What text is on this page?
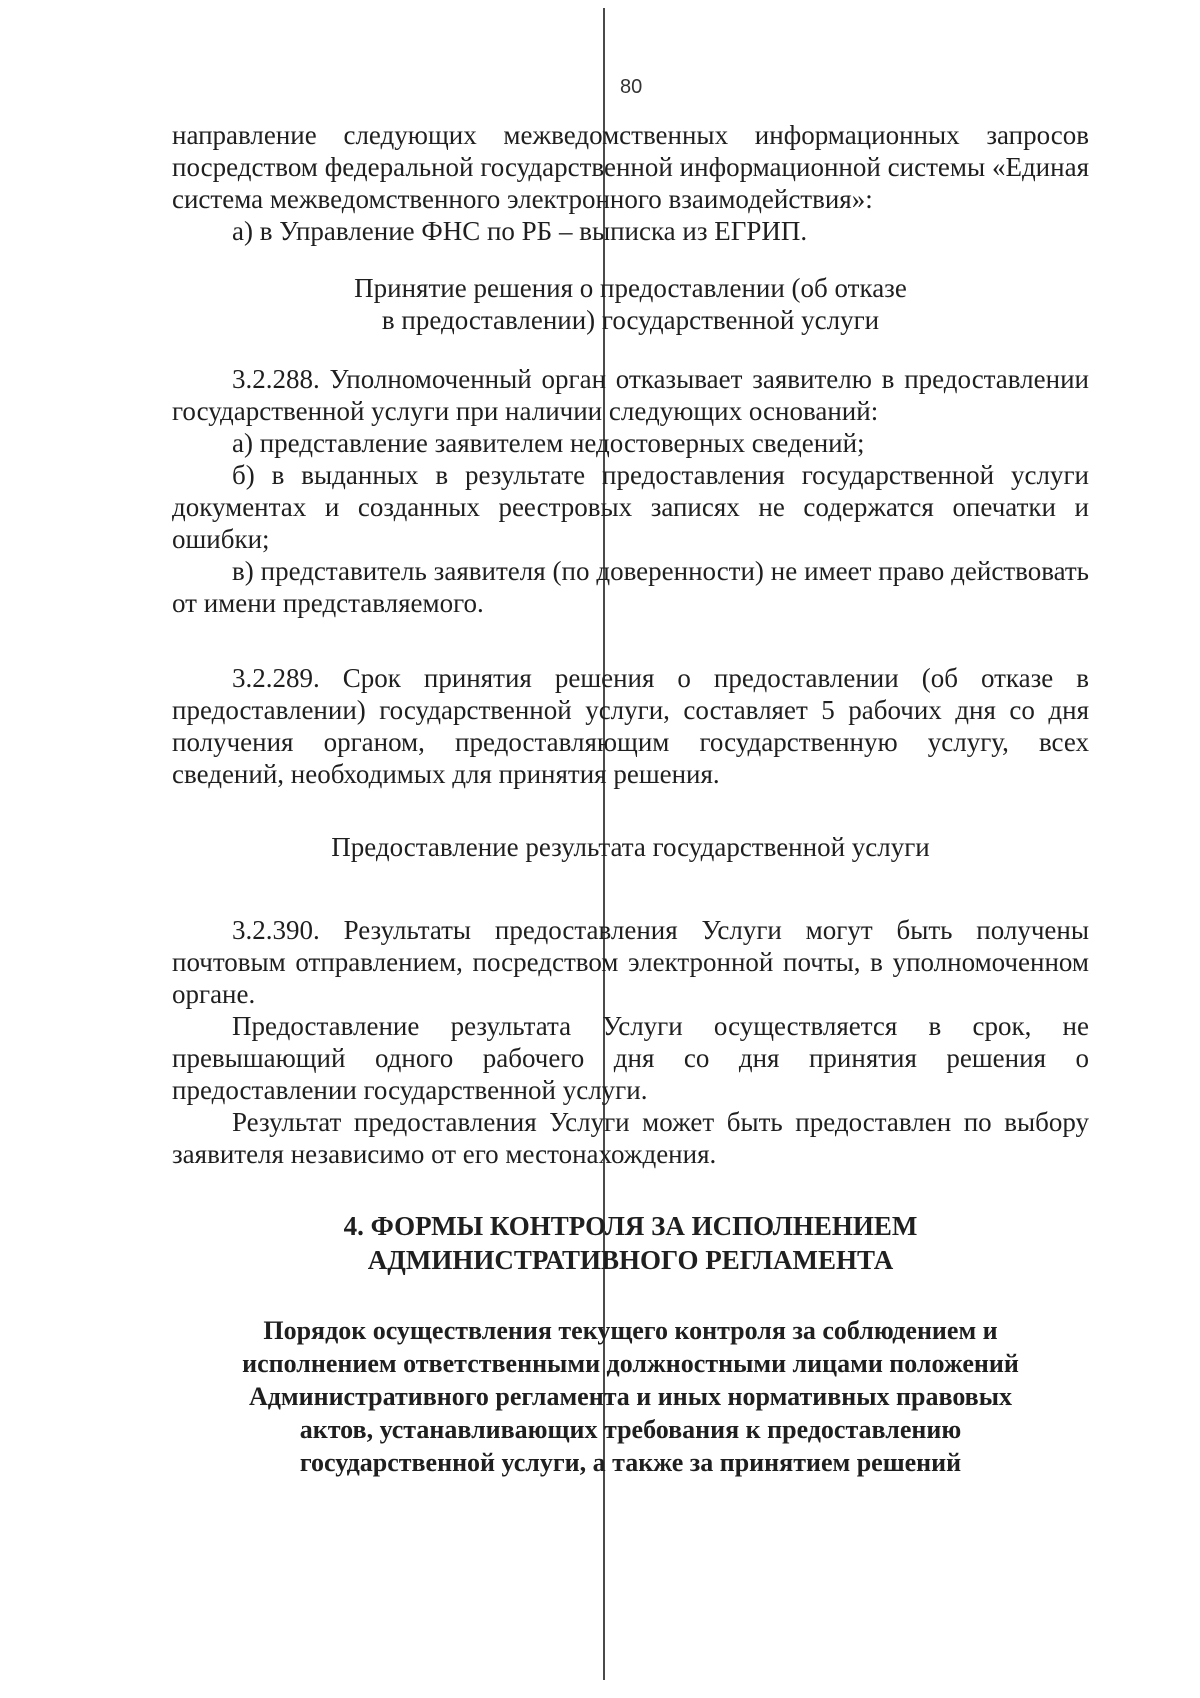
80

направление следующих межведомственных информационных запросов посредством федеральной государственной информационной системы «Единая система межведомственного электронного взаимодействия»:

а) в Управление ФНС по РБ – выписка из ЕГРИП.

Принятие решения о предоставлении (об отказе

в предоставлении) государственной услуги

3.2.288. Уполномоченный орган отказывает заявителю в предоставлении государственной услуги при наличии следующих оснований:

а) представление заявителем недостоверных сведений;

б) в выданных в результате предоставления государственной услуги документах и созданных реестровых записях не содержатся опечатки и ошибки;

в) представитель заявителя (по доверенности) не имеет право действовать от имени представляемого.

3.2.289. Срок принятия решения о предоставлении (об отказе в предоставлении) государственной услуги, составляет 5 рабочих дня со дня получения органом, предоставляющим государственную услугу, всех сведений, необходимых для принятия решения.

Предоставление результата государственной услуги

3.2.390. Результаты предоставления Услуги могут быть получены почтовым отправлением, посредством электронной почты, в уполномоченном органе.

Предоставление результата Услуги осуществляется в срок, не превышающий одного рабочего дня со дня принятия решения о предоставлении государственной услуги.

Результат предоставления Услуги может быть предоставлен по выбору заявителя независимо от его местонахождения.

4. ФОРМЫ КОНТРОЛЯ ЗА ИСПОЛНЕНИЕМ
АДМИНИСТРАТИВНОГО РЕГЛАМЕНТА
Порядок осуществления текущего контроля за соблюдением и
исполнением ответственными должностными лицами положений
Административного регламента и иных нормативных правовых
актов, устанавливающих требования к предоставлению
государственной услуги, а также за принятием решений
